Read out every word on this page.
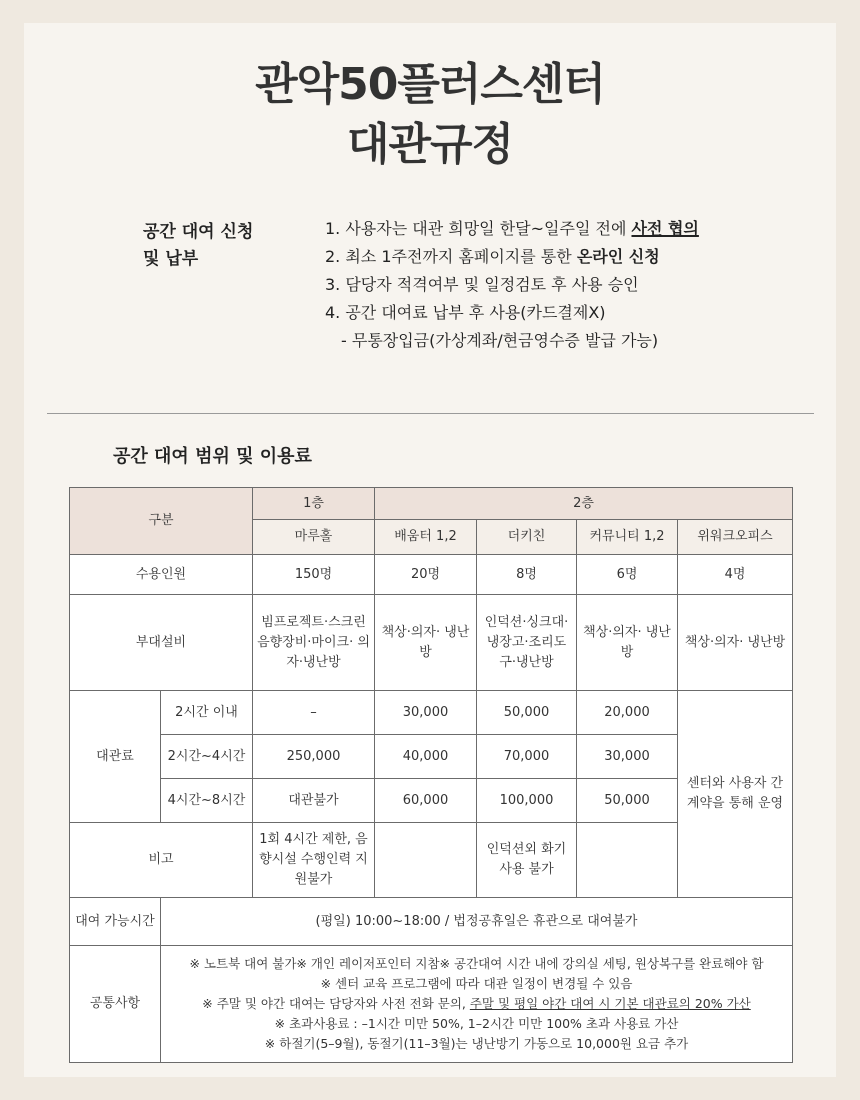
관악50플러스센터
대관규정
공간 대여 신청
및 납부
1. 사용자는 대관 희망일 한달~일주일 전에 사전 협의
2. 최소 1주전까지 홈페이지를 통한 온라인 신청
3. 담당자 적격여부 및 일정검토 후 사용 승인
4. 공간 대여료 납부 후 사용(카드결제X)
- 무통장입금(가상계좌/현금영수증 발급 가능)
공간 대여 범위 및 이용료
구분		1층	2층			
		마루홀	배움터 1,2	더키친	커뮤니티 1,2	위워크오피스
수용인원		150명	20명	8명	6명	4명
부대설비		빔프로젝트·스크린 음향장비·마이크· 의자·냉난방	책상·의자· 냉난방	인덕션·싱크대· 냉장고·조리도 구·냉난방	책상·의자· 냉난방	책상·의자· 냉난방
대관료	2시간 이내	–	30,000	50,000	20,000	센터와 사용자 간 계약을 통해 운영
	2시간~4시간	250,000	40,000	70,000	30,000	
	4시간~8시간	대관불가	60,000	100,000	50,000	
비고		1회 4시간 제한, 음향시설 수행인력 지원불가		인덕션외 화기 사용 불가		
대여 가능시간	(평일) 10:00~18:00 / 법정공휴일은 휴관으로 대여불가					
공통사항	※ 노트북 대여 불가※ 개인 레이저포인터 지참※ 공간대여 시간 내에 강의실 세팅, 원상복구를 완료해야 함
※ 센터 교육 프로그램에 따라 대관 일정이 변경될 수 있음
※ 주말 및 야간 대여는 담당자와 사전 전화 문의, 주말 및 평일 야간 대여 시 기본 대관료의 20% 가산
※ 초과사용료 : –1시간 미만 50%, 1–2시간 미만 100% 초과 사용료 가산
※ 하절기(5–9월), 동절기(11–3월)는 냉난방기 가동으로 10,000원 요금 추가					
